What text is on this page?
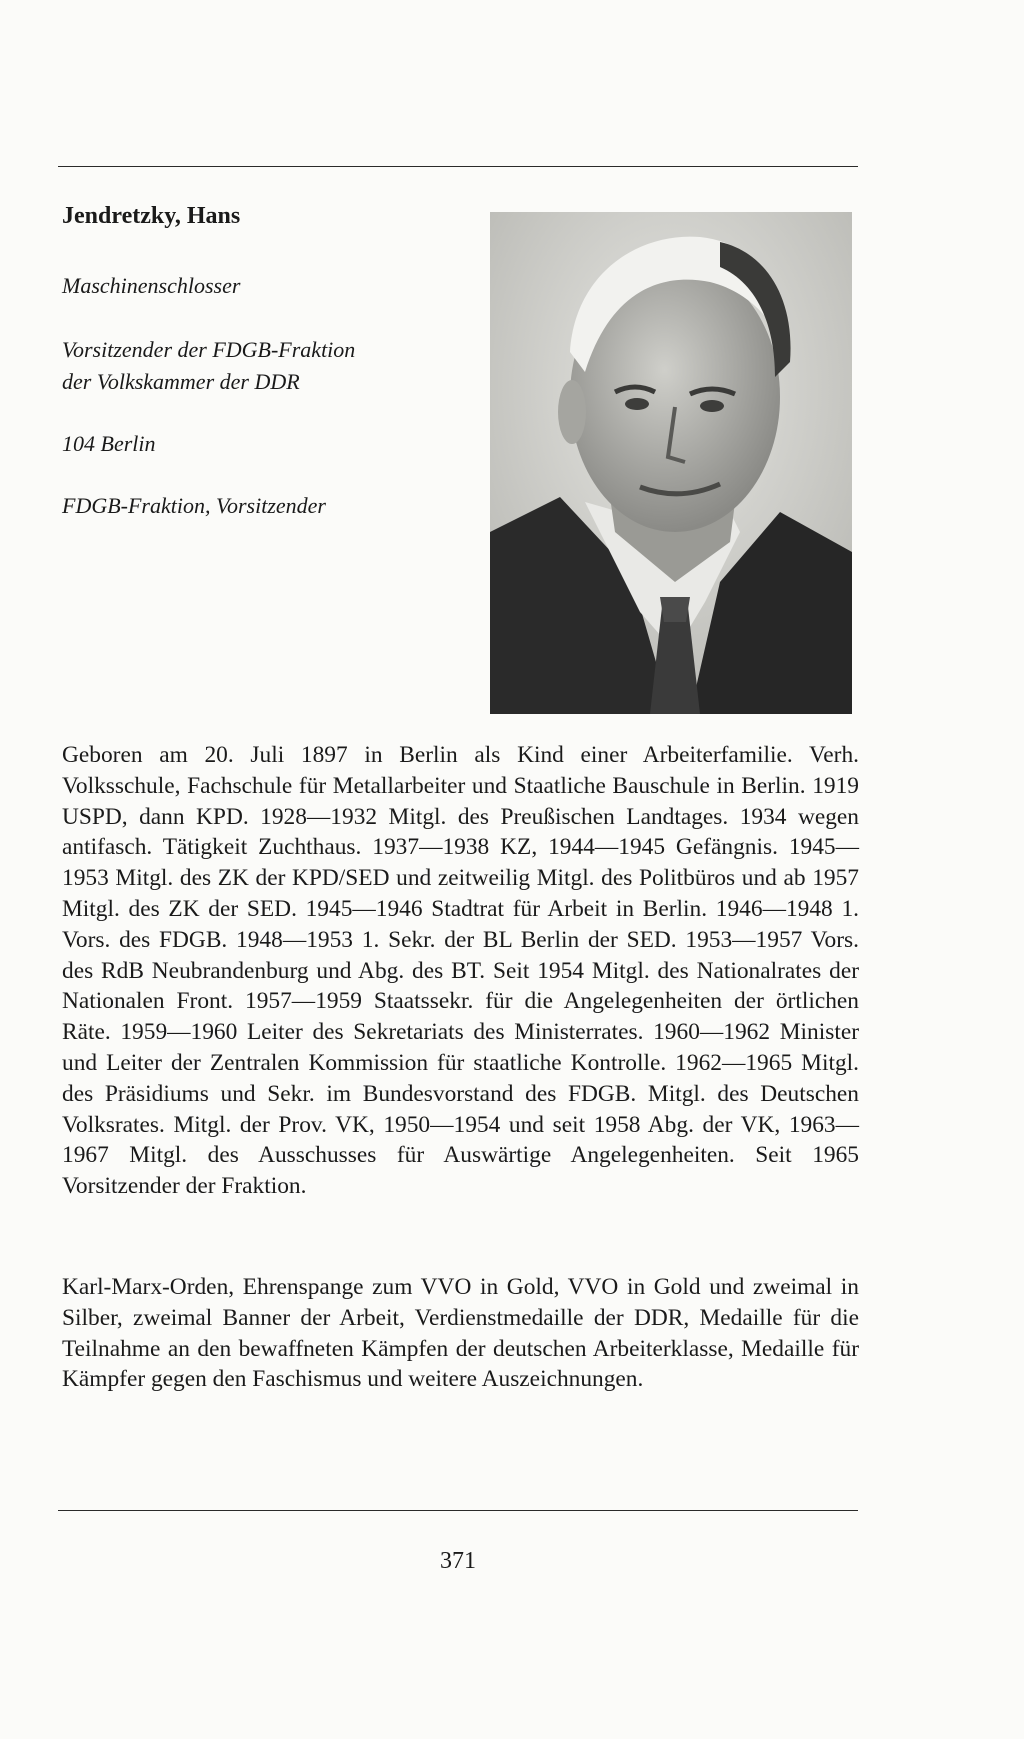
Jendretzky, Hans

Maschinenschlosser

Vorsitzender der FDGB-Fraktion
der Volkskammer der DDR

104 Berlin

FDGB-Fraktion, Vorsitzender

Geboren am 20. Juli 1897 in Berlin als Kind einer Arbeiterfamilie. Verh. Volksschule, Fachschule für Metallarbeiter und Staatliche Bauschule in Berlin. 1919 USPD, dann KPD. 1928—1932 Mitgl. des Preußischen Landtages. 1934 wegen antifasch. Tätigkeit Zuchthaus. 1937—1938 KZ, 1944—1945 Gefängnis. 1945—1953 Mitgl. des ZK der KPD/SED und zeitweilig Mitgl. des Politbüros und ab 1957 Mitgl. des ZK der SED. 1945—1946 Stadtrat für Arbeit in Berlin. 1946—1948 1. Vors. des FDGB. 1948—1953 1. Sekr. der BL Berlin der SED. 1953—1957 Vors. des RdB Neubrandenburg und Abg. des BT. Seit 1954 Mitgl. des Nationalrates der Nationalen Front. 1957—1959 Staatssekr. für die Angelegenheiten der örtlichen Räte. 1959—1960 Leiter des Sekretariats des Ministerrates. 1960—1962 Minister und Leiter der Zentralen Kommission für staatliche Kontrolle. 1962—1965 Mitgl. des Präsidiums und Sekr. im Bundesvorstand des FDGB. Mitgl. des Deutschen Volksrates. Mitgl. der Prov. VK, 1950—1954 und seit 1958 Abg. der VK, 1963—1967 Mitgl. des Ausschusses für Auswärtige Angelegenheiten. Seit 1965 Vorsitzender der Fraktion.

Karl-Marx-Orden, Ehrenspange zum VVO in Gold, VVO in Gold und zweimal in Silber, zweimal Banner der Arbeit, Verdienstmedaille der DDR, Medaille für die Teilnahme an den bewaffneten Kämpfen der deutschen Arbeiterklasse, Medaille für Kämpfer gegen den Faschismus und weitere Auszeichnungen.

371
